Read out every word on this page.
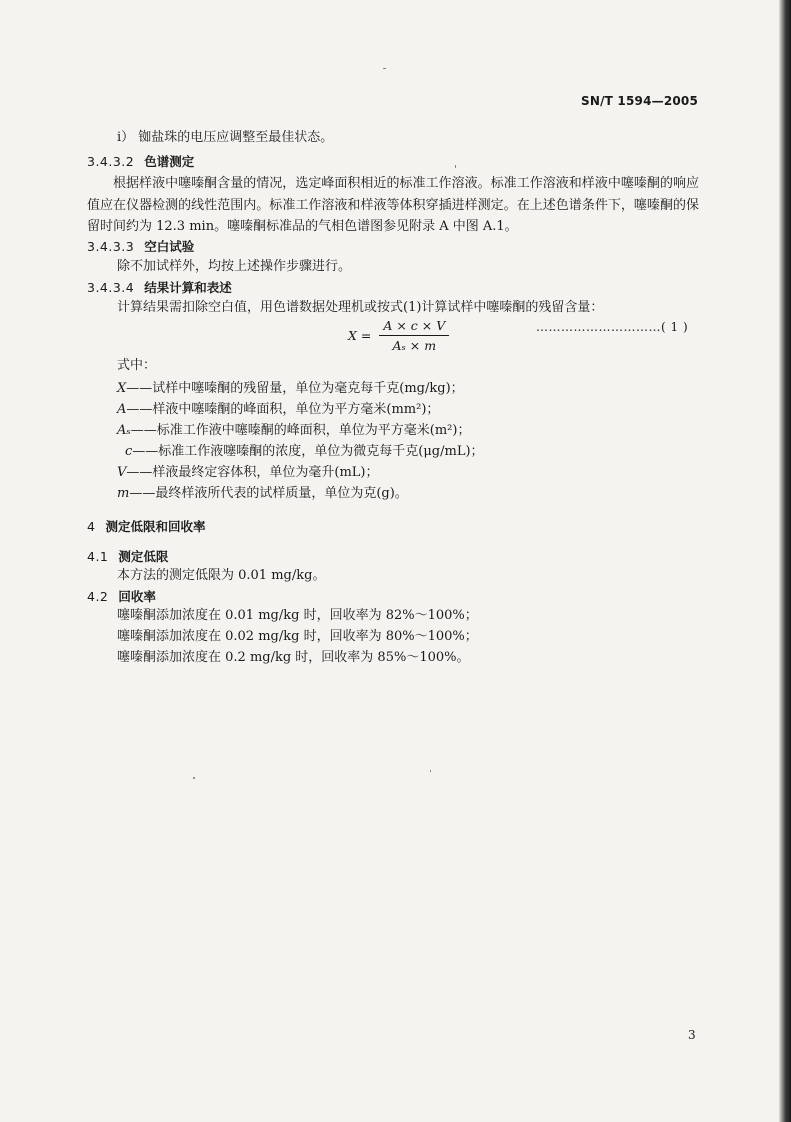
SN/T 1594—2005
i） 铷盐珠的电压应调整至最佳状态。
3.4.3.2 色谱测定
根据样液中噻嗪酮含量的情况，选定峰面积相近的标准工作溶液。标准工作溶液和样液中噻嗪酮的响应值应在仪器检测的线性范围内。标准工作溶液和样液等体积穿插进样测定。在上述色谱条件下，噻嗪酮的保留时间约为 12.3 min。噻嗪酮标准品的气相色谱图参见附录 A 中图 A.1。
3.4.3.3 空白试验
除不加试样外，均按上述操作步骤进行。
3.4.3.4 结果计算和表述
计算结果需扣除空白值，用色谱数据处理机或按式(1)计算试样中噻嗪酮的残留含量：
$X = \frac{A \times c \times V}{\text{Aₛ × m}}$	…………………………( 1 )
式中：
X——试样中噻嗪酮的残留量，单位为毫克每千克(mg/kg)；
A——样液中噻嗪酮的峰面积，单位为平方毫米(mm²)；
Aₛ——标准工作液中噻嗪酮的峰面积，单位为平方毫米(m²)；
c——标准工作液噻嗪酮的浓度，单位为微克每千克(μg/mL)；
V——样液最终定容体积，单位为毫升(mL)；
m——最终样液所代表的试样质量，单位为克(g)。
4 测定低限和回收率
4.1 测定低限
本方法的测定低限为 0.01 mg/kg。
4.2 回收率
噻嗪酮添加浓度在 0.01 mg/kg 时，回收率为 82%～100%；
噻嗪酮添加浓度在 0.02 mg/kg 时，回收率为 80%～100%；
噻嗪酮添加浓度在 0.2 mg/kg 时，回收率为 85%～100%。
3
